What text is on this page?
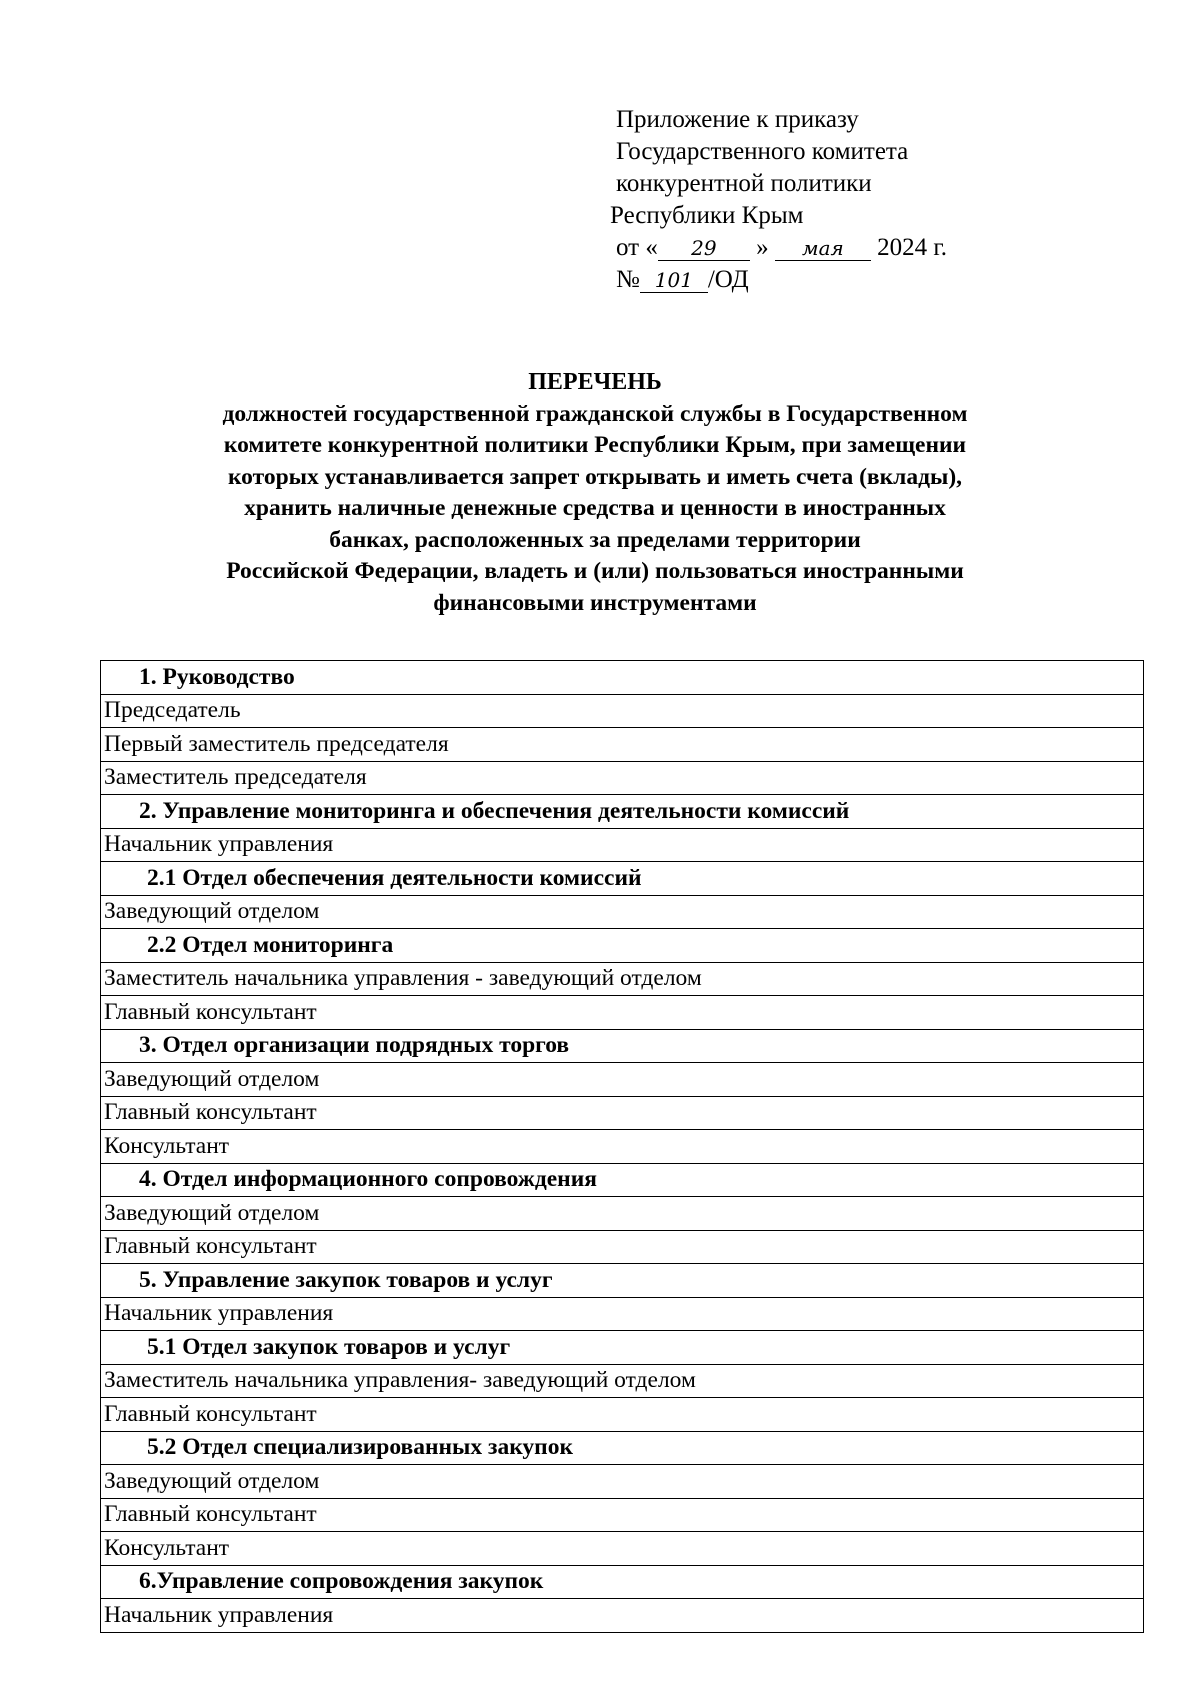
Приложение к приказу
Государственного комитета
конкурентной политики
Республики Крым
от « 29 » мая 2024 г.
№ 101 /ОД
ПЕРЕЧЕНЬ
должностей государственной гражданской службы в Государственном
комитете конкурентной политики Республики Крым, при замещении
которых устанавливается запрет открывать и иметь счета (вклады),
хранить наличные денежные средства и ценности в иностранных
банках, расположенных за пределами территории
Российской Федерации, владеть и (или) пользоваться иностранными
финансовыми инструментами
1. Руководство
Председатель
Первый заместитель председателя
Заместитель председателя
2. Управление мониторинга и обеспечения деятельности комиссий
Начальник управления
2.1 Отдел обеспечения деятельности комиссий
Заведующий отделом
2.2 Отдел мониторинга
Заместитель начальника управления - заведующий отделом
Главный консультант
3. Отдел организации подрядных торгов
Заведующий отделом
Главный консультант
Консультант
4. Отдел информационного сопровождения
Заведующий отделом
Главный консультант
5. Управление закупок товаров и услуг
Начальник управления
5.1 Отдел закупок товаров и услуг
Заместитель начальника управления- заведующий отделом
Главный консультант
5.2 Отдел специализированных закупок
Заведующий отделом
Главный консультант
Консультант
6.Управление сопровождения закупок
Начальник управления
